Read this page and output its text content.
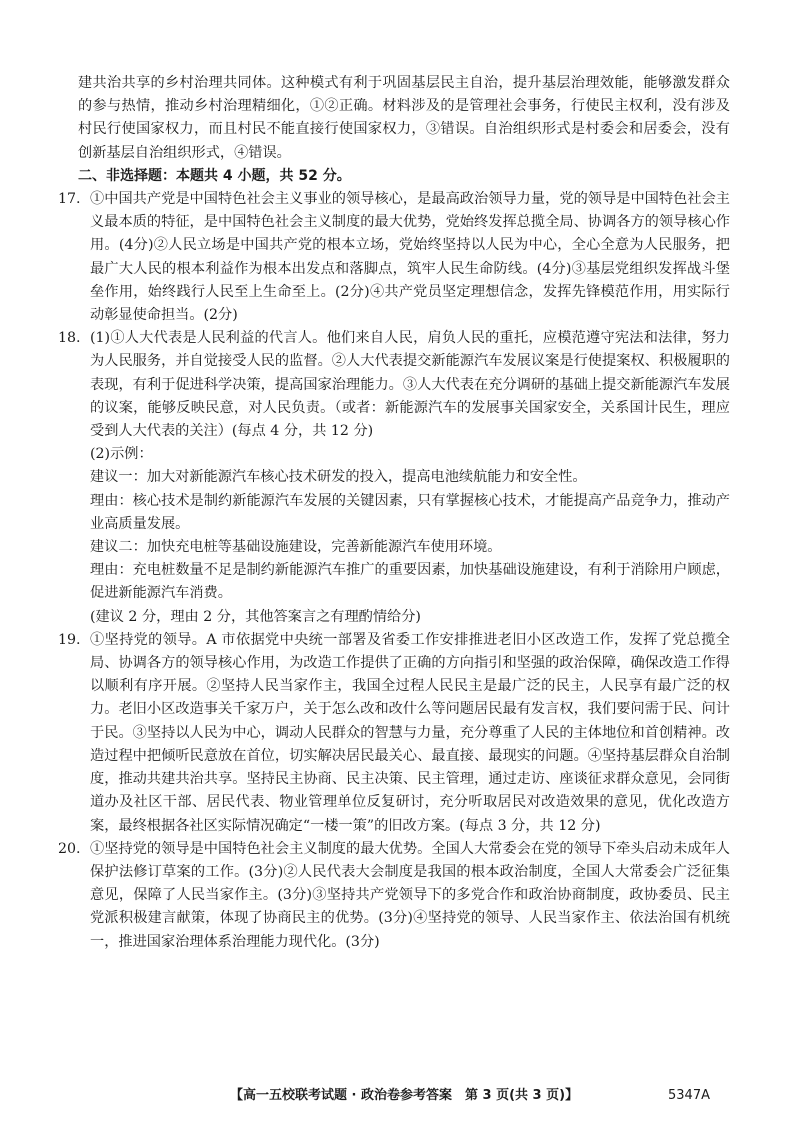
建共治共享的乡村治理共同体。这种模式有利于巩固基层民主自治，提升基层治理效能，能够激发群众的参与热情，推动乡村治理精细化，①②正确。材料涉及的是管理社会事务，行使民主权利，没有涉及村民行使国家权力，而且村民不能直接行使国家权力，③错误。自治组织形式是村委会和居委会，没有创新基层自治组织形式，④错误。

二、非选择题：本题共 4 小题，共 52 分。

17. ①中国共产党是中国特色社会主义事业的领导核心，是最高政治领导力量，党的领导是中国特色社会主义最本质的特征，是中国特色社会主义制度的最大优势，党始终发挥总揽全局、协调各方的领导核心作用。(4分)②人民立场是中国共产党的根本立场，党始终坚持以人民为中心，全心全意为人民服务，把最广大人民的根本利益作为根本出发点和落脚点，筑牢人民生命防线。(4分)③基层党组织发挥战斗堡垒作用，始终践行人民至上生命至上。(2分)④共产党员坚定理想信念，发挥先锋模范作用，用实际行动彰显使命担当。(2分)

18. (1)①人大代表是人民利益的代言人。他们来自人民，肩负人民的重托，应模范遵守宪法和法律，努力为人民服务，并自觉接受人民的监督。②人大代表提交新能源汽车发展议案是行使提案权、积极履职的表现，有利于促进科学决策，提高国家治理能力。③人大代表在充分调研的基础上提交新能源汽车发展的议案，能够反映民意，对人民负责。（或者：新能源汽车的发展事关国家安全，关系国计民生，理应受到人大代表的关注）(每点 4 分，共 12 分)

(2)示例：

建议一：加大对新能源汽车核心技术研发的投入，提高电池续航能力和安全性。

理由：核心技术是制约新能源汽车发展的关键因素，只有掌握核心技术，才能提高产品竞争力，推动产业高质量发展。

建议二：加快充电桩等基础设施建设，完善新能源汽车使用环境。

理由：充电桩数量不足是制约新能源汽车推广的重要因素，加快基础设施建设，有利于消除用户顾虑，促进新能源汽车消费。

(建议 2 分，理由 2 分，其他答案言之有理酌情给分)

19. ①坚持党的领导。A 市依据党中央统一部署及省委工作安排推进老旧小区改造工作，发挥了党总揽全局、协调各方的领导核心作用，为改造工作提供了正确的方向指引和坚强的政治保障，确保改造工作得以顺利有序开展。②坚持人民当家作主，我国全过程人民民主是最广泛的民主，人民享有最广泛的权力。老旧小区改造事关千家万户，关于怎么改和改什么等问题居民最有发言权，我们要问需于民、问计于民。③坚持以人民为中心，调动人民群众的智慧与力量，充分尊重了人民的主体地位和首创精神。改造过程中把倾听民意放在首位，切实解决居民最关心、最直接、最现实的问题。④坚持基层群众自治制度，推动共建共治共享。坚持民主协商、民主决策、民主管理，通过走访、座谈征求群众意见，会同街道办及社区干部、居民代表、物业管理单位反复研讨，充分听取居民对改造效果的意见，优化改造方案，最终根据各社区实际情况确定“一楼一策”的旧改方案。(每点 3 分，共 12 分)

20. ①坚持党的领导是中国特色社会主义制度的最大优势。全国人大常委会在党的领导下牵头启动未成年人保护法修订草案的工作。(3分)②人民代表大会制度是我国的根本政治制度，全国人大常委会广泛征集意见，保障了人民当家作主。(3分)③坚持共产党领导下的多党合作和政治协商制度，政协委员、民主党派积极建言献策，体现了协商民主的优势。(3分)④坚持党的领导、人民当家作主、依法治国有机统一，推进国家治理体系治理能力现代化。(3分)

【高一五校联考试题 · 政治卷参考答案　第 3 页(共 3 页)】	5347A
